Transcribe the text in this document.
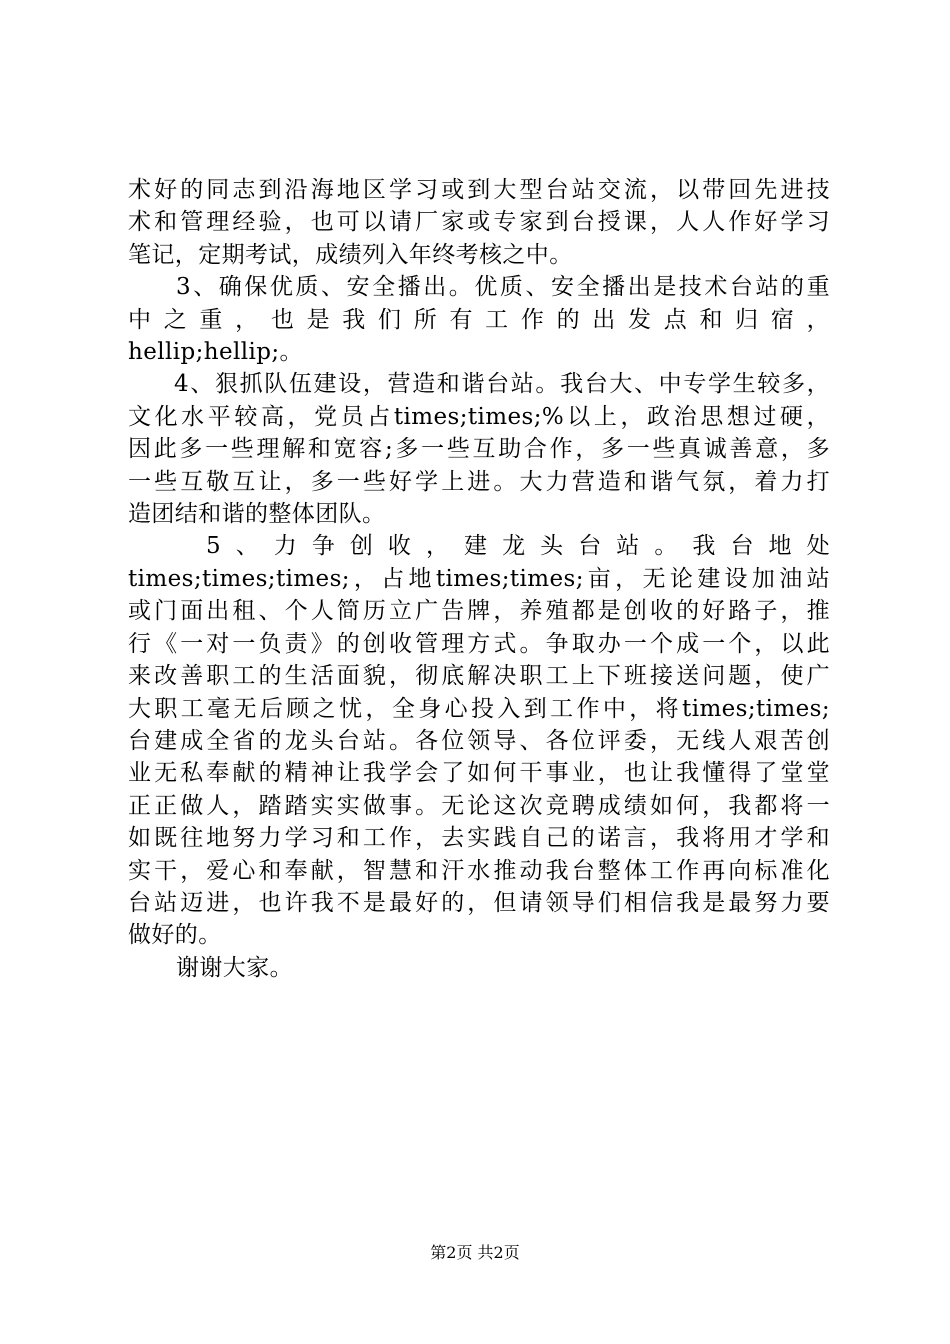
术好的同志到沿海地区学习或到大型台站交流，以带回先进技
术和管理经验，也可以请厂家或专家到台授课，人人作好学习
笔记，定期考试，成绩列入年终考核之中。
3、确保优质、安全播出。优质、安全播出是技术台站的重
中之重，也是我们所有工作的出发点和归宿，
hellip;hellip;。
4、狠抓队伍建设，营造和谐台站。我台大、中专学生较多，
文化水平较高，党员占times;times;%以上，政治思想过硬，
因此多一些理解和宽容;多一些互助合作，多一些真诚善意，多
一些互敬互让，多一些好学上进。大力营造和谐气氛，着力打
造团结和谐的整体团队。
5、力争创收，建龙头台站。我台地处
times;times;times;，占地times;times;亩，无论建设加油站
或门面出租、个人简历立广告牌，养殖都是创收的好路子，推
行《一对一负责》的创收管理方式。争取办一个成一个，以此
来改善职工的生活面貌，彻底解决职工上下班接送问题，使广
大职工毫无后顾之忧，全身心投入到工作中，将times;times;
台建成全省的龙头台站。各位领导、各位评委，无线人艰苦创
业无私奉献的精神让我学会了如何干事业，也让我懂得了堂堂
正正做人，踏踏实实做事。无论这次竞聘成绩如何，我都将一
如既往地努力学习和工作，去实践自己的诺言，我将用才学和
实干，爱心和奉献，智慧和汗水推动我台整体工作再向标准化
台站迈进，也许我不是最好的，但请领导们相信我是最努力要
做好的。
谢谢大家。
第2页 共2页
